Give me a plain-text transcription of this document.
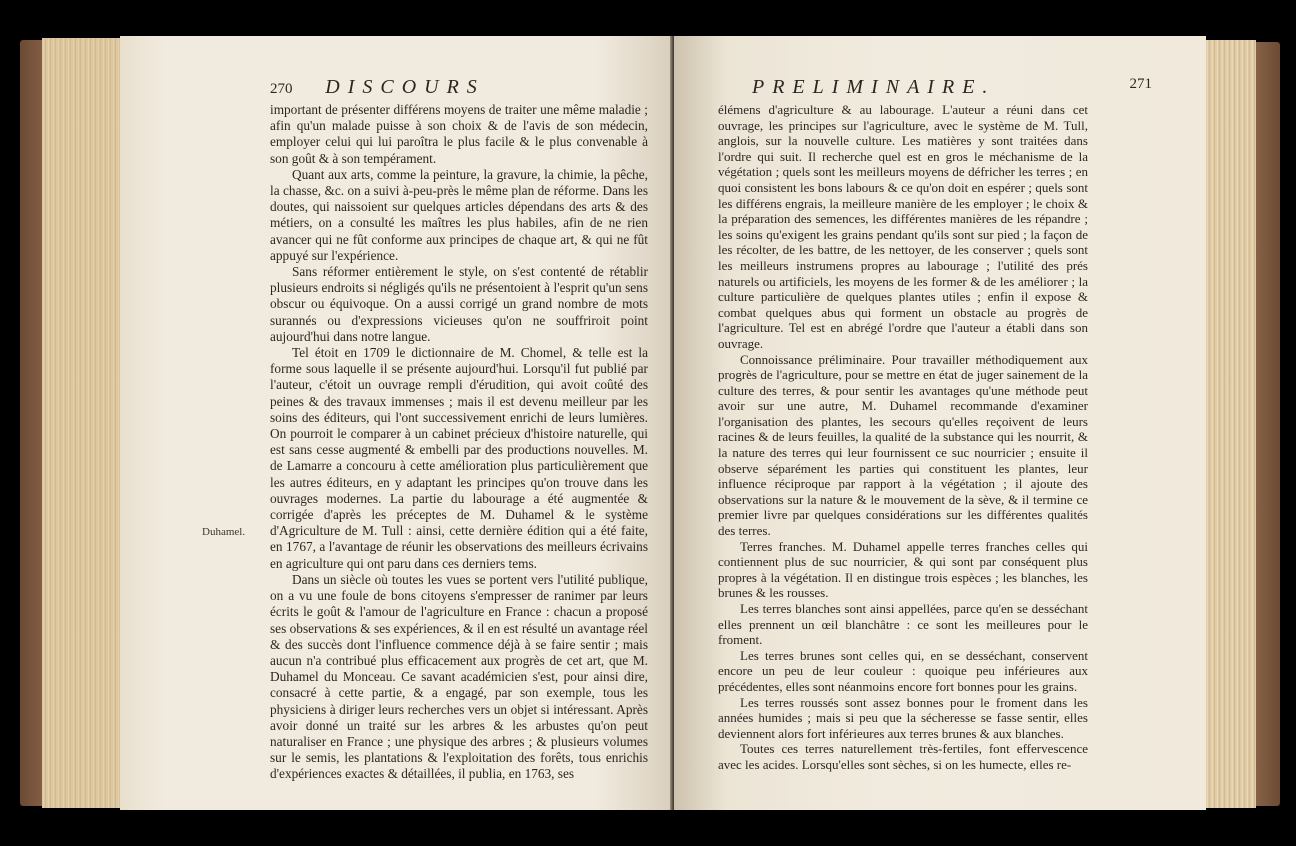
270 DISCOURS
Duhamel.

important de présenter différens moyens de traiter une même maladie ; afin qu'un malade puisse à son choix & de l'avis de son médecin, employer celui qui lui paroîtra le plus facile & le plus convenable à son goût & à son tempérament.

Quant aux arts, comme la peinture, la gravure, la chimie, la pêche, la chasse, &c. on a suivi à-peu-près le même plan de réforme. Dans les doutes, qui naissoient sur quelques articles dépendans des arts & des métiers, on a consulté les maîtres les plus habiles, afin de ne rien avancer qui ne fût conforme aux principes de chaque art, & qui ne fût appuyé sur l'expérience.

Sans réformer entièrement le style, on s'est contenté de rétablir plusieurs endroits si négligés qu'ils ne présentoient à l'esprit qu'un sens obscur ou équivoque. On a aussi corrigé un grand nombre de mots surannés ou d'expressions vicieuses qu'on ne souffriroit point aujourd'hui dans notre langue.

Tel étoit en 1709 le dictionnaire de M. Chomel, & telle est la forme sous laquelle il se présente aujourd'hui. Lorsqu'il fut publié par l'auteur, c'étoit un ouvrage rempli d'érudition, qui avoit coûté des peines & des travaux immenses ; mais il est devenu meilleur par les soins des éditeurs, qui l'ont successivement enrichi de leurs lumières. On pourroit le comparer à un cabinet précieux d'histoire naturelle, qui est sans cesse augmenté & embelli par des productions nouvelles. M. de Lamarre a concouru à cette amélioration plus particulièrement que les autres éditeurs, en y adaptant les principes qu'on trouve dans les ouvrages modernes. La partie du labourage a été augmentée & corrigée d'après les préceptes de M. Duhamel & le système d'Agriculture de M. Tull : ainsi, cette dernière édition qui a été faite, en 1767, a l'avantage de réunir les observations des meilleurs écrivains en agriculture qui ont paru dans ces derniers tems.

Dans un siècle où toutes les vues se portent vers l'utilité publique, on a vu une foule de bons citoyens s'empresser de ranimer par leurs écrits le goût & l'amour de l'agriculture en France : chacun a proposé ses observations & ses expériences, & il en est résulté un avantage réel & des succès dont l'influence commence déjà à se faire sentir ; mais aucun n'a contribué plus efficacement aux progrès de cet art, que M. Duhamel du Monceau. Ce savant académicien s'est, pour ainsi dire, consacré à cette partie, & a engagé, par son exemple, tous les physiciens à diriger leurs recherches vers un objet si intéressant. Après avoir donné un traité sur les arbres & les arbustes qu'on peut naturaliser en France ; une physique des arbres ; & plusieurs volumes sur le semis, les plantations & l'exploitation des forêts, tous enrichis d'expériences exactes & détaillées, il publia, en 1763, ses

PRELIMINAIRE.	271

élémens d'agriculture & au labourage. L'auteur a réuni dans cet ouvrage, les principes sur l'agriculture, avec le système de M. Tull, anglois, sur la nouvelle culture. Les matières y sont traitées dans l'ordre qui suit. Il recherche quel est en gros le méchanisme de la végétation ; quels sont les meilleurs moyens de défricher les terres ; en quoi consistent les bons labours & ce qu'on doit en espérer ; quels sont les différens engrais, la meilleure manière de les employer ; le choix & la préparation des semences, les différentes manières de les répandre ; les soins qu'exigent les grains pendant qu'ils sont sur pied ; la façon de les récolter, de les battre, de les nettoyer, de les conserver ; quels sont les meilleurs instrumens propres au labourage ; l'utilité des prés naturels ou artificiels, les moyens de les former & de les améliorer ; la culture particulière de quelques plantes utiles ; enfin il expose & combat quelques abus qui forment un obstacle au progrès de l'agriculture. Tel est en abrégé l'ordre que l'auteur a établi dans son ouvrage.

Connoissance préliminaire. Pour travailler méthodiquement aux progrès de l'agriculture, pour se mettre en état de juger sainement de la culture des terres, & pour sentir les avantages qu'une méthode peut avoir sur une autre, M. Duhamel recommande d'examiner l'organisation des plantes, les secours qu'elles reçoivent de leurs racines & de leurs feuilles, la qualité de la substance qui les nourrit, & la nature des terres qui leur fournissent ce suc nourricier ; ensuite il observe séparément les parties qui constituent les plantes, leur influence réciproque par rapport à la végétation ; il ajoute des observations sur la nature & le mouvement de la sève, & il termine ce premier livre par quelques considérations sur les différentes qualités des terres.

Terres franches. M. Duhamel appelle terres franches celles qui contiennent plus de suc nourricier, & qui sont par conséquent plus propres à la végétation. Il en distingue trois espèces ; les blanches, les brunes & les rousses.

Les terres blanches sont ainsi appellées, parce qu'en se desséchant elles prennent un œil blanchâtre : ce sont les meilleures pour le froment.

Les terres brunes sont celles qui, en se desséchant, conservent encore un peu de leur couleur : quoique peu inférieures aux précédentes, elles sont néanmoins encore fort bonnes pour les grains.

Les terres roussés sont assez bonnes pour le froment dans les années humides ; mais si peu que la sécheresse se fasse sentir, elles deviennent alors fort inférieures aux terres brunes & aux blanches.

Toutes ces terres naturellement très-fertiles, font effervescence avec les acides. Lorsqu'elles sont sèches, si on les humecte, elles re-
